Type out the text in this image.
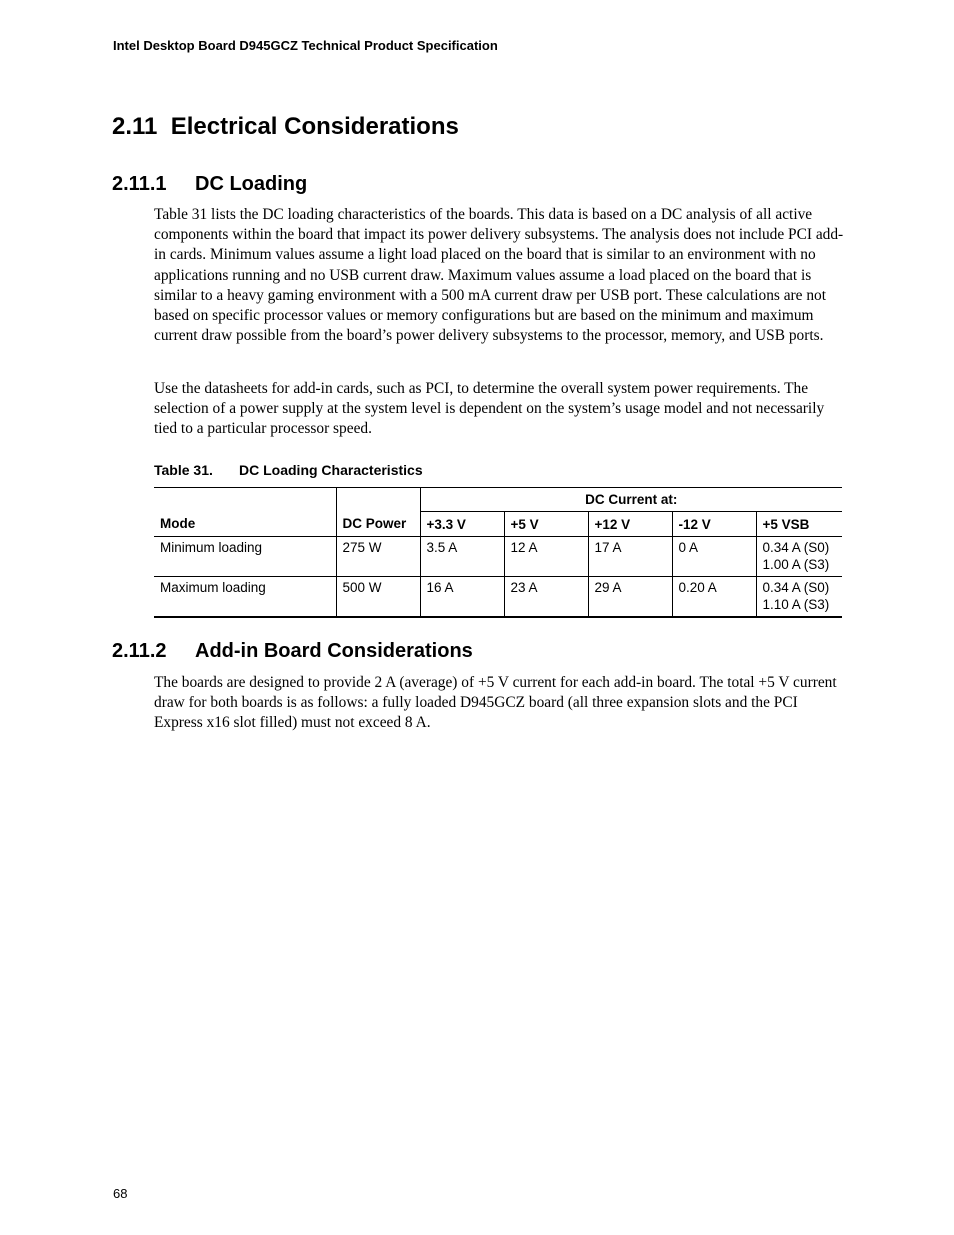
Intel Desktop Board D945GCZ Technical Product Specification
2.11 Electrical Considerations
2.11.1 DC Loading

Table 31 lists the DC loading characteristics of the boards. This data is based on a DC analysis of all active components within the board that impact its power delivery subsystems. The analysis does not include PCI add-in cards. Minimum values assume a light load placed on the board that is similar to an environment with no applications running and no USB current draw. Maximum values assume a load placed on the board that is similar to a heavy gaming environment with a 500 mA current draw per USB port. These calculations are not based on specific processor values or memory configurations but are based on the minimum and maximum current draw possible from the board’s power delivery subsystems to the processor, memory, and USB ports.

Use the datasheets for add-in cards, such as PCI, to determine the overall system power requirements. The selection of a power supply at the system level is dependent on the system’s usage model and not necessarily tied to a particular processor speed.

Table 31. DC Loading Characteristics
		DC Current at:				
Mode	DC Power	+3.3 V	+5 V	+12 V	-12 V	+5 VSB
Minimum loading	275 W	3.5 A	12 A	17 A	0 A	0.34 A (S0)
1.00 A (S3)

Maximum loading	500 W	16 A	23 A	29 A	0.20 A	0.34 A (S0)
1.10 A (S3)
2.11.2 Add-in Board Considerations

The boards are designed to provide 2 A (average) of +5 V current for each add-in board. The total +5 V current draw for both boards is as follows: a fully loaded D945GCZ board (all three expansion slots and the PCI Express x16 slot filled) must not exceed 8 A.

68
